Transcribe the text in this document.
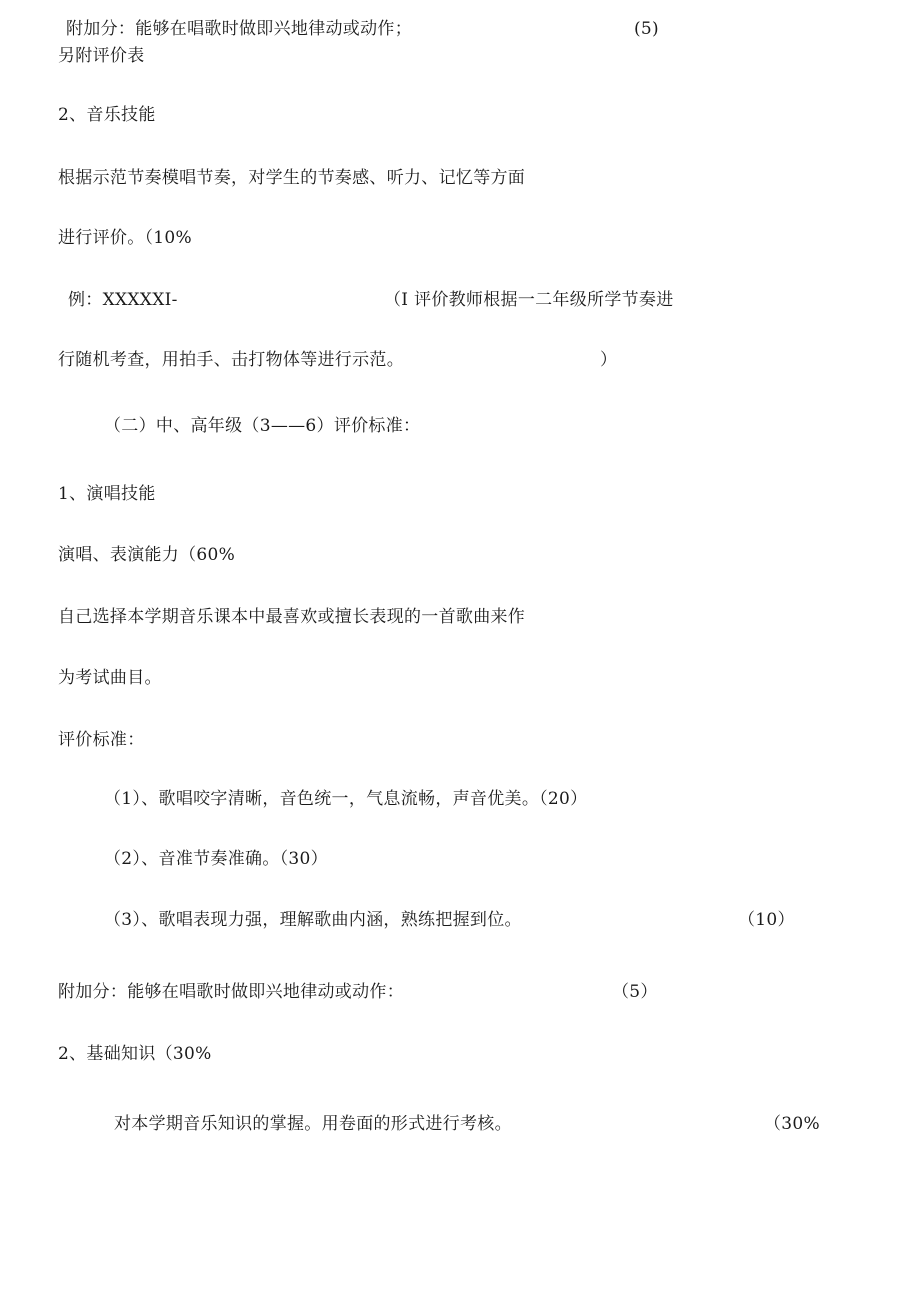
附加分：能够在唱歌时做即兴地律动或动作；	(5)
另附评价表
2、音乐技能
根据示范节奏模唱节奏，对学生的节奏感、听力、记忆等方面
进行评价。（10%
例：XXXXXI-	（I 评价教师根据一二年级所学节奏进
行随机考查，用拍手、击打物体等进行示范。	）
（二）中、高年级（3——6）评价标准：
1、演唱技能
演唱、表演能力（60%
自己选择本学期音乐课本中最喜欢或擅长表现的一首歌曲来作
为考试曲目。
评价标准：
（1）、歌唱咬字清晰，音色统一，气息流畅，声音优美。（20）
（2）、音准节奏准确。（30）
（3）、歌唱表现力强，理解歌曲内涵，熟练把握到位。	（10）
附加分：能够在唱歌时做即兴地律动或动作：	（5）
2、基础知识（30%
对本学期音乐知识的掌握。用卷面的形式进行考核。	（30%
